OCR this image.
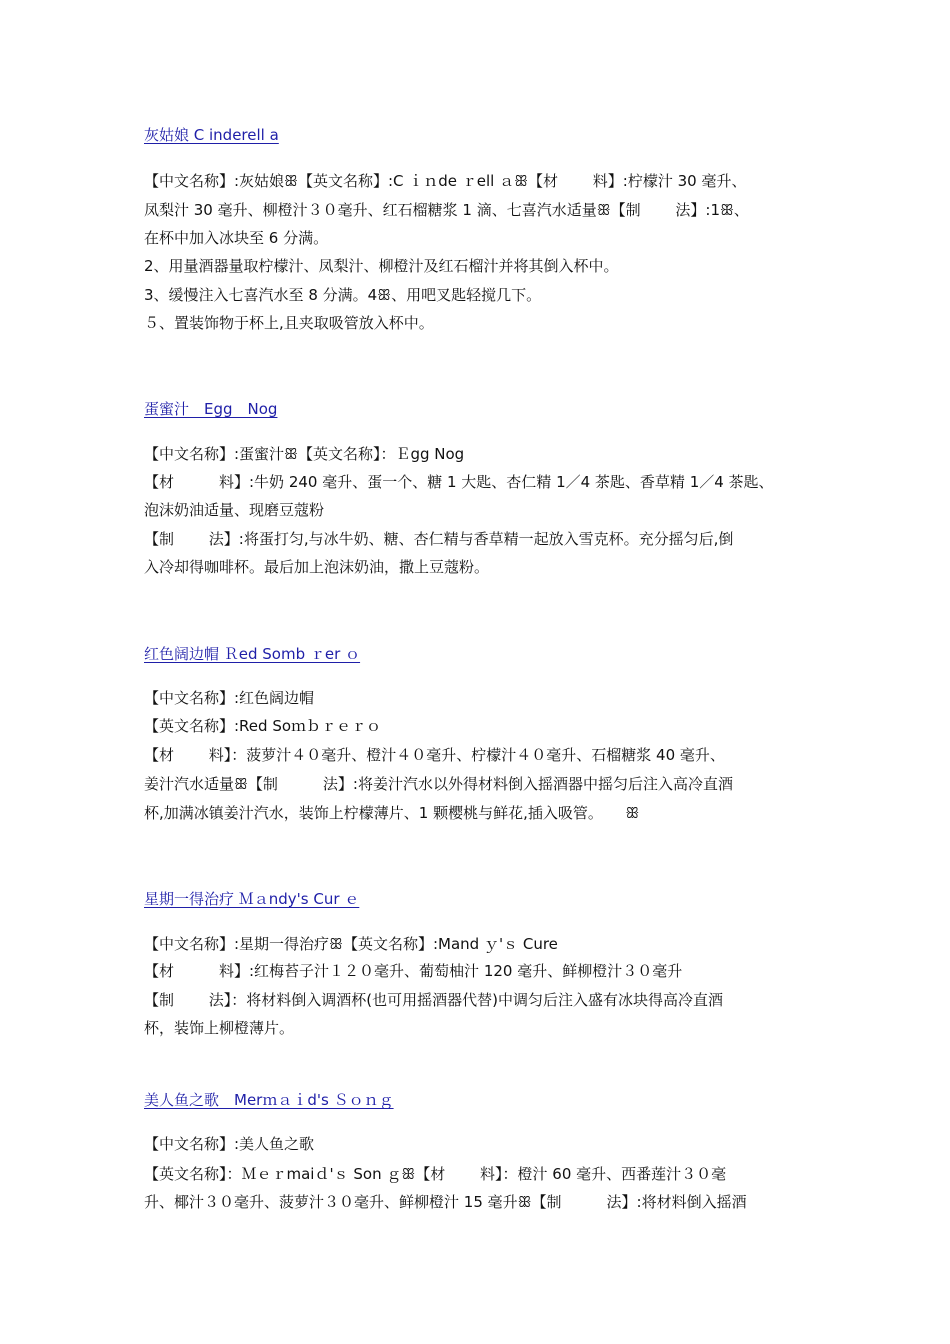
灰姑娘 C inderell a
【中文名称】:灰姑娘ꕥ【英文名称】:C ｉｎde ｒell ａꕥ【材　　 料】:柠檬汁 30 毫升、
凤梨汁 30 毫升、柳橙汁３０毫升、红石榴糖浆 1 滴、七喜汽水适量ꕥ【制　　 法】:1ꕥ、
在杯中加入冰块至 6 分满。
2、用量酒器量取柠檬汁、凤梨汁、柳橙汁及红石榴汁并将其倒入杯中。
3、缓慢注入七喜汽水至 8 分满。4ꕥ、用吧叉匙轻搅几下。
５、置装饰物于杯上,且夹取吸管放入杯中。
蛋蜜汁　Egg　Nog
【中文名称】:蛋蜜汁ꕥ【英文名称】：Ｅgg Nog
【材　　　料】:牛奶 240 毫升、蛋一个、糖 1 大匙、杏仁精 1／4 茶匙、香草精 1／4 茶匙、
泡沫奶油适量、现磨豆蔻粉
【制　　 法】:将蛋打匀,与冰牛奶、糖、杏仁精与香草精一起放入雪克杯。充分摇匀后,倒
入冷却得咖啡杯。最后加上泡沫奶油，撒上豆蔻粉。
红色阔边帽 Ｒed Somb ｒer ｏ
【中文名称】:红色阔边帽
【英文名称】:Red Soｍｂｒｅｒｏ
【材　　 料】：菠萝汁４０毫升、橙汁４０毫升、柠檬汁４０毫升、石榴糖浆 40 毫升、
姜汁汽水适量ꕥ【制　　　法】:将姜汁汽水以外得材料倒入摇酒器中摇匀后注入高冷直酒
杯,加满冰镇姜汁汽水，装饰上柠檬薄片、1 颗樱桃与鲜花,插入吸管。　　ꕥ
星期一得治疗 Ｍａndy's Cur ｅ
【中文名称】:星期一得治疗ꕥ【英文名称】:Mand ｙ'ｓ Cure
【材　　　料】:红梅苔子汁１２０毫升、葡萄柚汁 120 毫升、鲜柳橙汁３０毫升
【制　　 法】：将材料倒入调酒杯(也可用摇酒器代替)中调匀后注入盛有冰块得高冷直酒
杯，装饰上柳橙薄片。
美人鱼之歌　Merｍａｉd's Ｓｏｎｇ
【中文名称】:美人鱼之歌
【英文名称】：Ｍｅｒmaiｄ'ｓ Son ｇꕥ【材　　 料】：橙汁 60 毫升、西番莲汁３０毫
升、椰汁３０毫升、菠萝汁３０毫升、鲜柳橙汁 15 毫升ꕥ【制　　　法】:将材料倒入摇酒
